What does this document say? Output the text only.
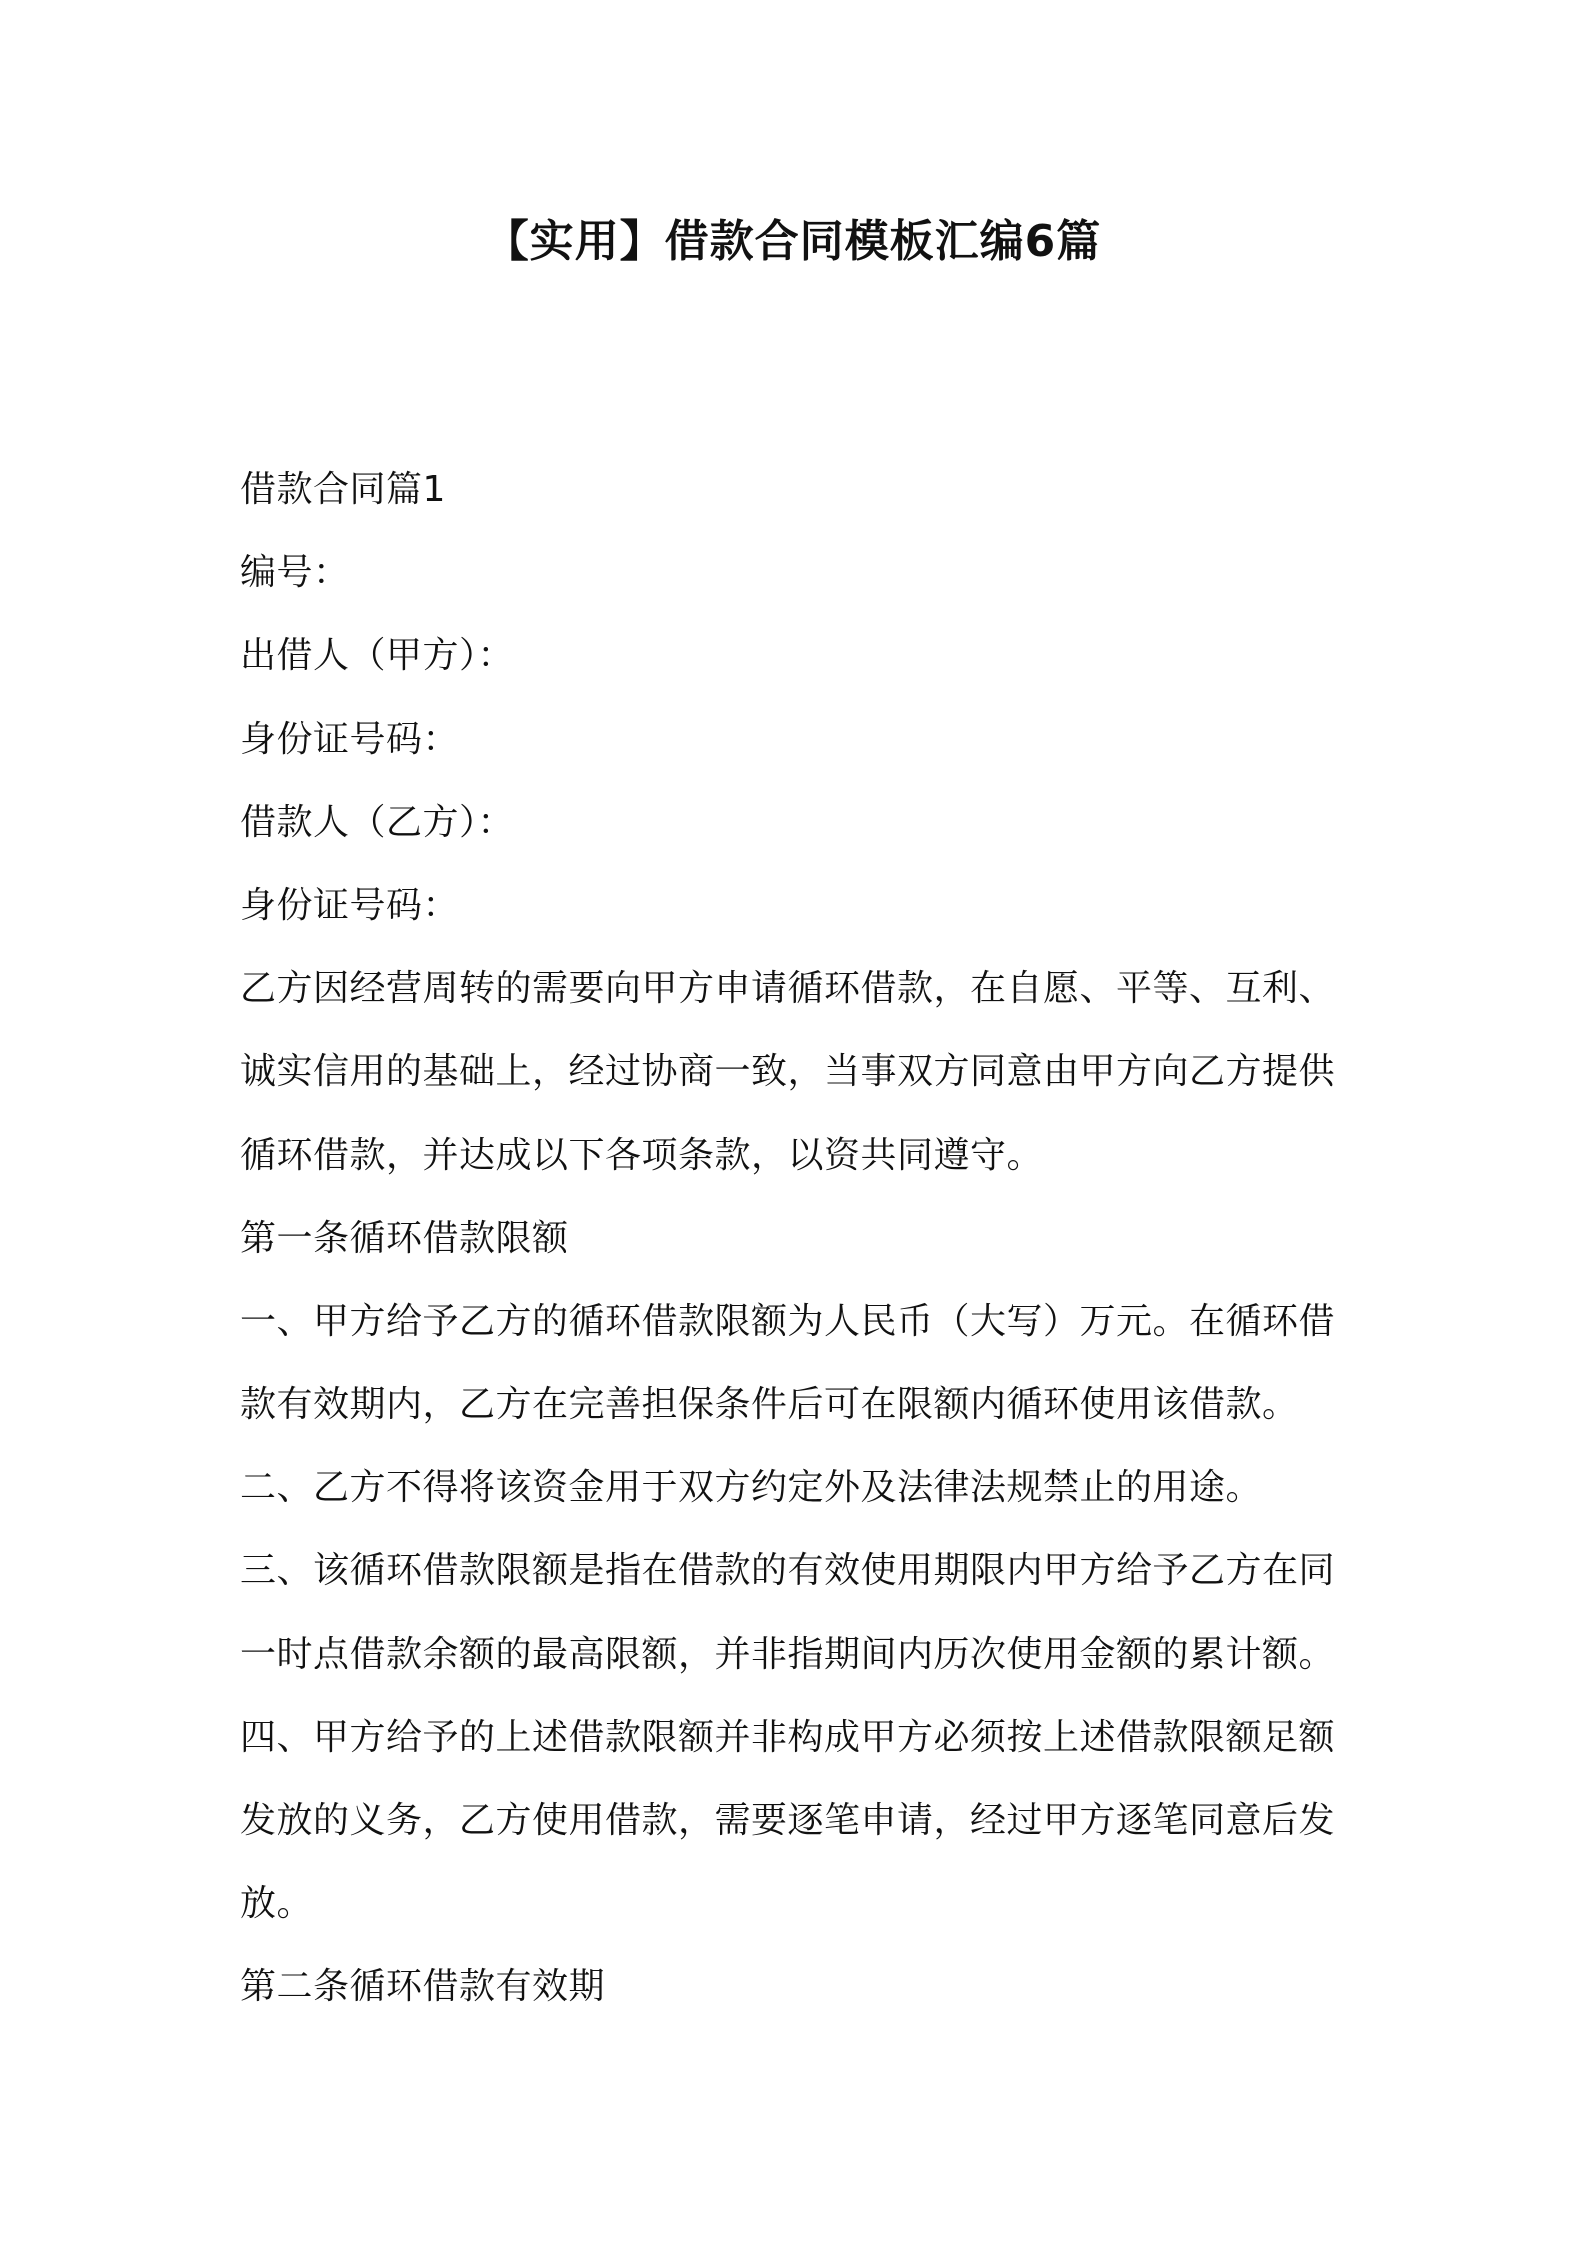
【实用】借款合同模板汇编6篇
借款合同篇1
编号：
出借人（甲方）：
身份证号码：
借款人（乙方）：
身份证号码：
乙方因经营周转的需要向甲方申请循环借款，在自愿、平等、互利、
诚实信用的基础上，经过协商一致，当事双方同意由甲方向乙方提供
循环借款，并达成以下各项条款，以资共同遵守。
第一条循环借款限额
一、甲方给予乙方的循环借款限额为人民币（大写）万元。在循环借
款有效期内，乙方在完善担保条件后可在限额内循环使用该借款。
二、乙方不得将该资金用于双方约定外及法律法规禁止的用途。
三、该循环借款限额是指在借款的有效使用期限内甲方给予乙方在同
一时点借款余额的最高限额，并非指期间内历次使用金额的累计额。
四、甲方给予的上述借款限额并非构成甲方必须按上述借款限额足额
发放的义务，乙方使用借款，需要逐笔申请，经过甲方逐笔同意后发
放。
第二条循环借款有效期
